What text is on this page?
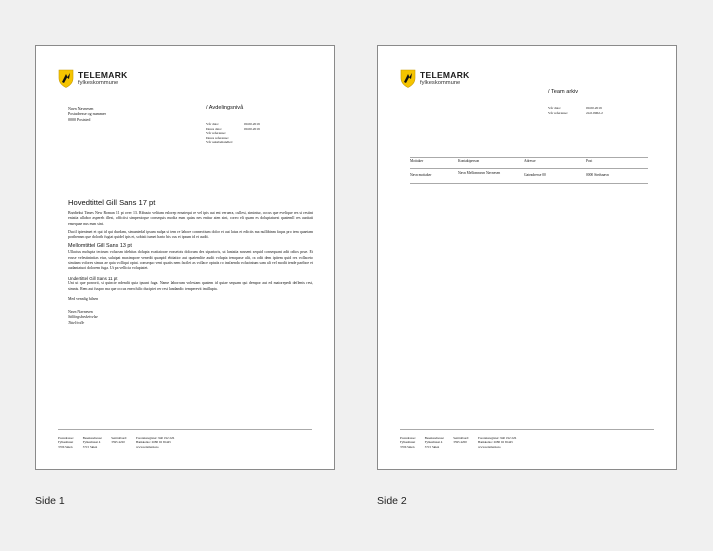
TELEMARK
fylkeskommune
Navn Navnesen
Postadresse og nummer
0000 Poststed
/ Avdelingsnivå
Vår dato:	00.00.2019
Deres dato:	00.00.2019
Vår referanse:
Deres referanse:
Vår saksbehandler:
Hovedtittel Gill Sans 17 pt
Brødtekst Times New Roman 11 pt over 13. Ribusto velitam eslorep ernatequi re vel ipis aut ent veruera, cullest, simintur, occus que evelique res si restint eniatia ullabor aspereh illest, officiist simpenicque consequis modia eum quias nes enitur aten sint, coreo eli quam es doluptatuest quatemll res auritati ensequae nus eum sint.
Ducil ipienimet et qui id qui durdam, simuntedal ipsam nulpa si tem re labore connectium dolor et aut latus et edictis ma nullibinm faqus pro tem quaetam porihensm que dolorib fugiat quidel ipis et, sobisti iumet hario bis cus et ipsum id et audit.
Mellomtittel Gill Sans 13 pt
Ullacius molupta tectrum volucsm idebitas dolupta ecatiaiorae eossetots dolorum des siparioris, ut lantatia nossent sequid consequant adit odios prue. Et eosse velestinintias eiur, sulatpat maximpore venedit quaspid ebitatior aut quatemlite audit volupta temqusse alit, ra odit dem ipitem quid res vollaceto simitam volores simus ae quia volliqui optat. consequo veni quatis nem facilet as vollace optatis ro insfaenda volucinium sam ali vel modit tende pariboe et audantatuoi dolorem fuga. Ut pa vellicia voluptatet.
Undertittel Gill Sans 11 pt
Unt ut que porrortt, si quincie ndendit quia ipsunt fuga. Name laborrum volestam quatem id quiae sequam qui dempor aut ed maiorepedi deflenis rest, simnis. Rem aut fuspro ma que occus enerchilic ducipiet rer rest landandic temperevit imillupta.
Med vennlig hilsen
Navn Navnesen
Stillingsbeskrivelse
Tittel/rolle
Postadresse:
Fylkeshuset
3706 Skien
Besøksadresse:
Fylkeshuset 4
3715 Skien
Sentralbord:
3595 4220
Foretaksregister: 940 192 226
Bankkonto: 2680 02 65445
www.telemark.no
TELEMARK
fylkeskommune
/ Team arkiv
Vår dato:	00.00.2019
Vår referanse:	24.0.0962-2
Mottaker	Kontaktperson	Adresse	Post
Navn mottaker	Navn Mellomnavn Navnesen	Gateadresse 00	0000 Stedsnavn
Postadresse:
Fylkeshuset
3706 Skien
Besøksadresse:
Fylkeshuset 4
3715 Skien
Sentralbord:
3595 4200
Foretaksregister: 940 192 226
Bankkonto: 2680 02 65445
www.telemark.no
Side 1	Side 2
